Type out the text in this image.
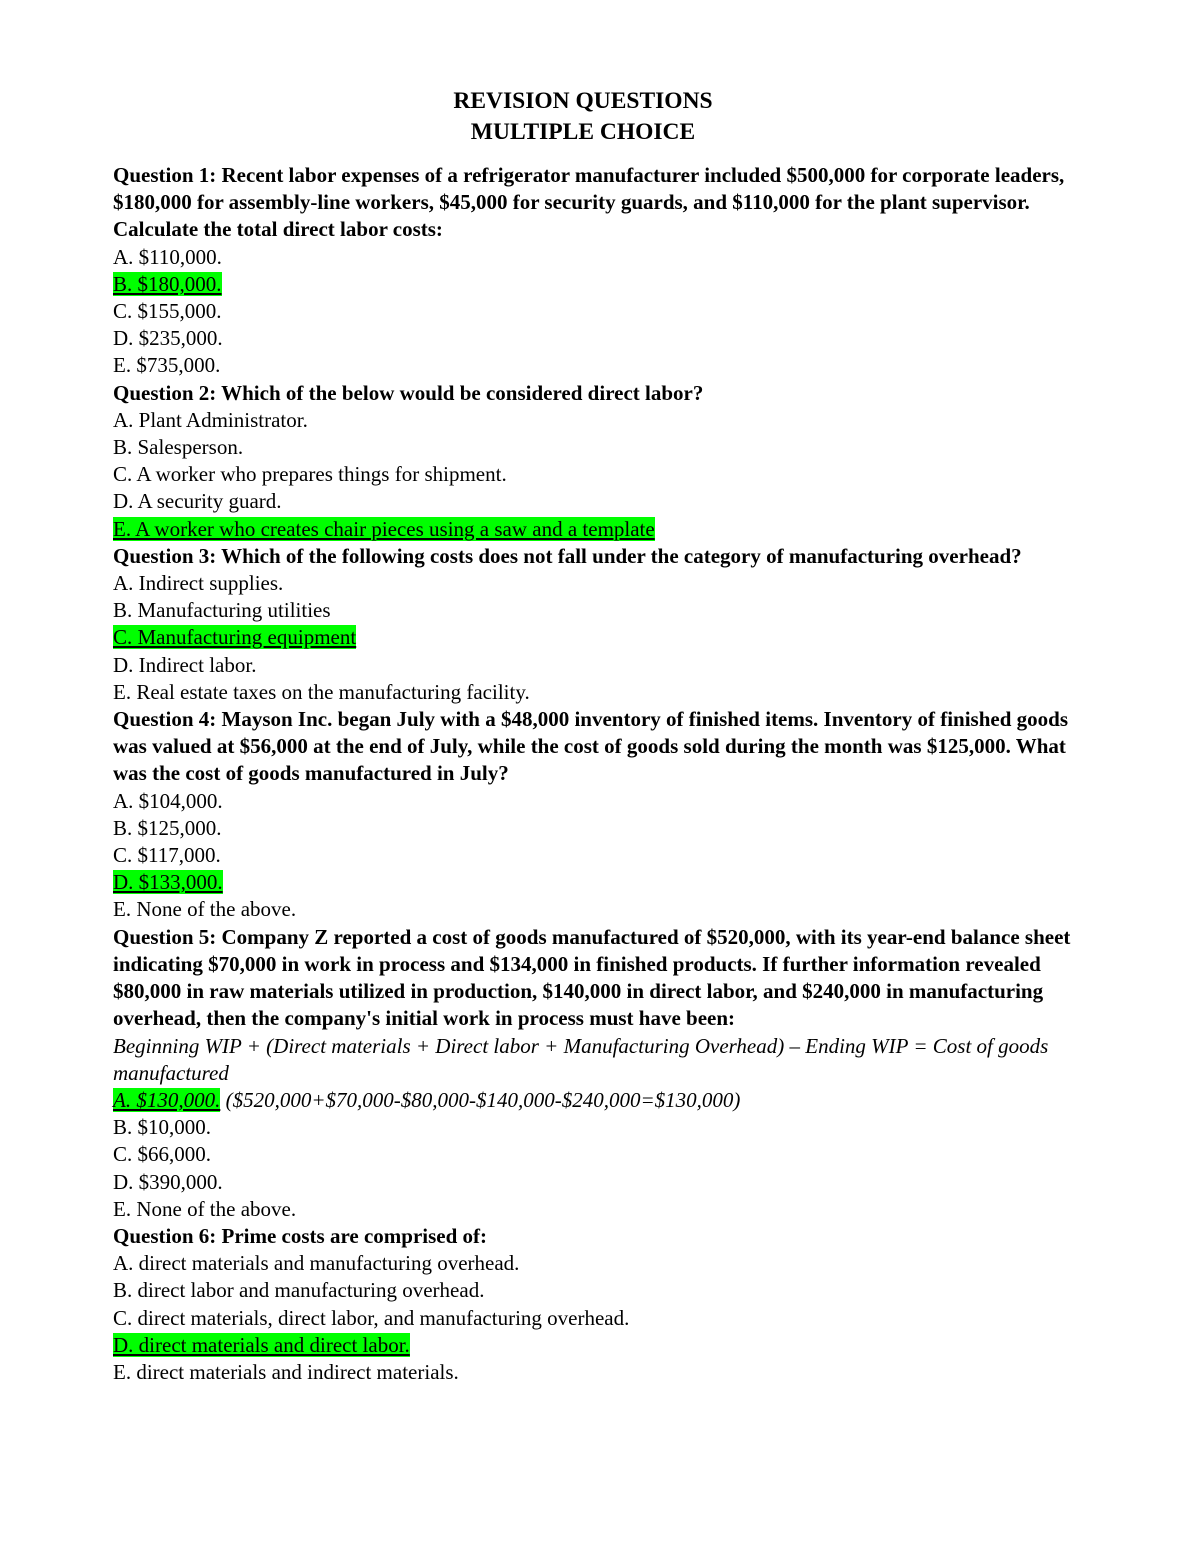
REVISION QUESTIONS
MULTIPLE CHOICE
Question 1: Recent labor expenses of a refrigerator manufacturer included $500,000 for corporate leaders, $180,000 for assembly-line workers, $45,000 for security guards, and $110,000 for the plant supervisor. Calculate the total direct labor costs:
A. $110,000.
B. $180,000.
C. $155,000.
D. $235,000.
E. $735,000.
Question 2: Which of the below would be considered direct labor?
A. Plant Administrator.
B. Salesperson.
C. A worker who prepares things for shipment.
D. A security guard.
E. A worker who creates chair pieces using a saw and a template
Question 3: Which of the following costs does not fall under the category of manufacturing overhead?
A. Indirect supplies.
B. Manufacturing utilities
C. Manufacturing equipment
D. Indirect labor.
E. Real estate taxes on the manufacturing facility.
Question 4: Mayson Inc. began July with a $48,000 inventory of finished items. Inventory of finished goods was valued at $56,000 at the end of July, while the cost of goods sold during the month was $125,000. What was the cost of goods manufactured in July?
A. $104,000.
B. $125,000.
C. $117,000.
D. $133,000.
E. None of the above.
Question 5: Company Z reported a cost of goods manufactured of $520,000, with its year-end balance sheet indicating $70,000 in work in process and $134,000 in finished products. If further information revealed $80,000 in raw materials utilized in production, $140,000 in direct labor, and $240,000 in manufacturing overhead, then the company's initial work in process must have been:
Beginning WIP + (Direct materials + Direct labor + Manufacturing Overhead) – Ending WIP = Cost of goods manufactured
A. $130,000. ($520,000+$70,000-$80,000-$140,000-$240,000=$130,000)
B. $10,000.
C. $66,000.
D. $390,000.
E. None of the above.
Question 6: Prime costs are comprised of:
A. direct materials and manufacturing overhead.
B. direct labor and manufacturing overhead.
C. direct materials, direct labor, and manufacturing overhead.
D. direct materials and direct labor.
E. direct materials and indirect materials.
